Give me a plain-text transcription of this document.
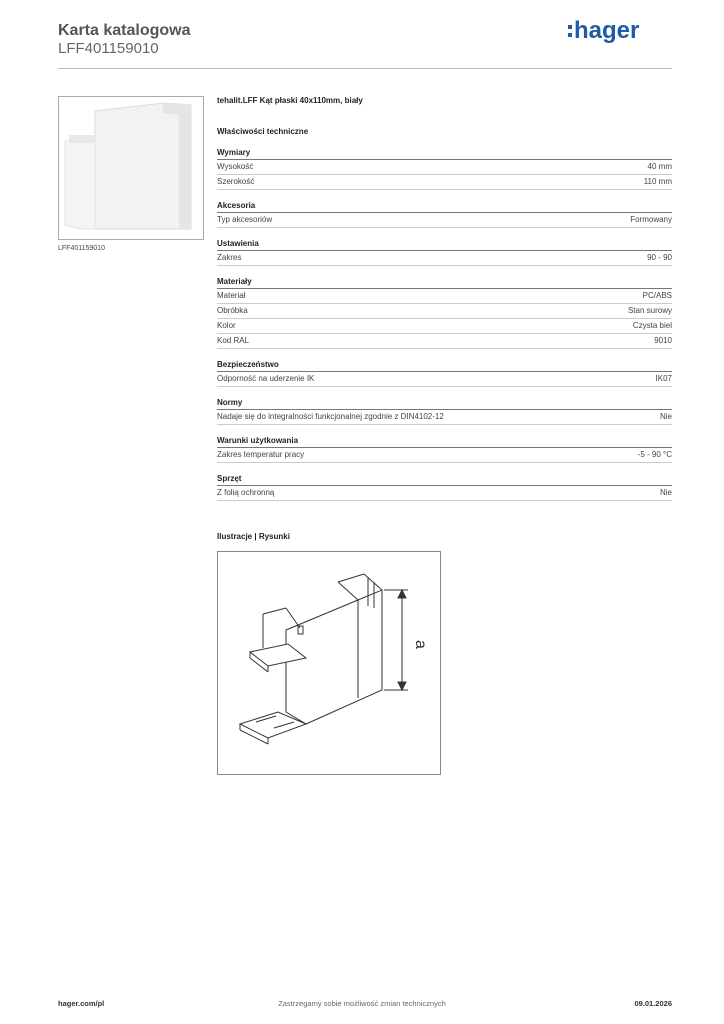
Karta katalogowa
LFF401159010
hager
LFF401159010
tehalit.LFF Kąt płaski 40x110mm, biały
Właściwości techniczne
Wymiary
Wysokość	40 mm
Szerokość	110 mm
Akcesoria
Typ akcesoriów	Formowany
Ustawienia
Zakres	90 - 90
Materiały
Materiał	PC/ABS
Obróbka	Stan surowy
Kolor	Czysta biel
Kod RAL	9010
Bezpieczeństwo
Odporność na uderzenie IK	IK07
Normy
Nadaje się do integralności funkcjonalnej zgodnie z DIN4102-12	Nie
Warunki użytkowania
Zakres temperatur pracy	-5 - 90 °C
Sprzęt
Z folią ochronną	Nie
Ilustracje | Rysunki
a
hager.com/pl	Zastrzegamy sobie możliwość zmian technicznych	09.01.2026
